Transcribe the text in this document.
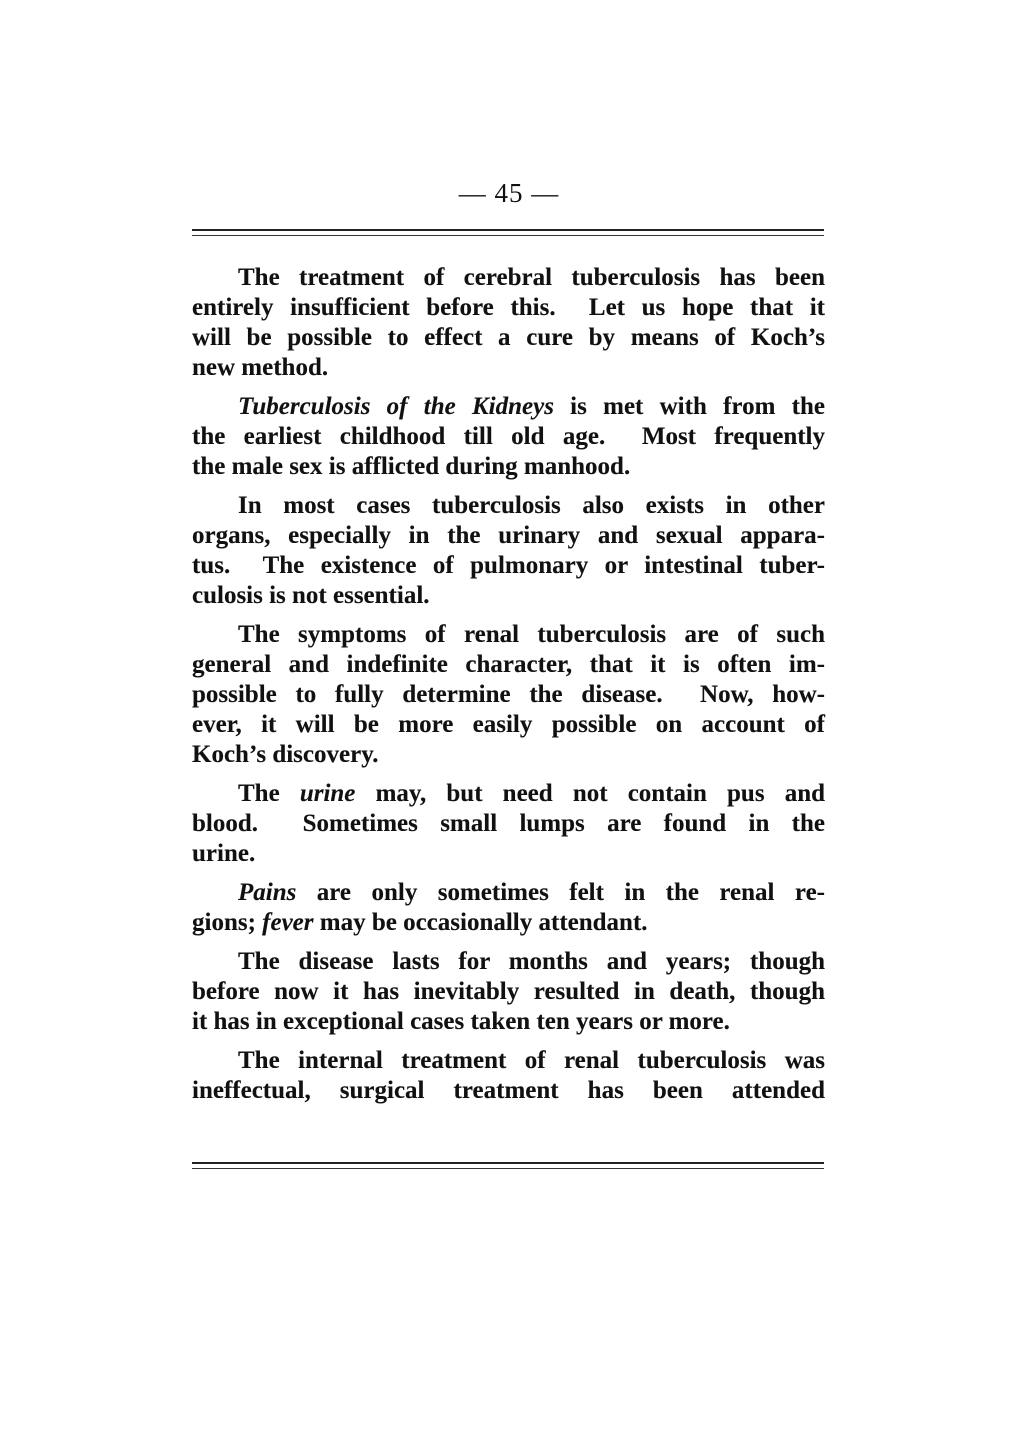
— 45 —
The treatment of cerebral tuberculosis has been
entirely insufficient before this.  Let us hope that it
will be possible to effect a cure by means of Koch’s
new method.
Tuberculosis of the Kidneys is met with from the
the earliest childhood till old age.  Most frequently
the male sex is afflicted during manhood.
In most cases tuberculosis also exists in other
organs, especially in the urinary and sexual appara-
tus.  The existence of pulmonary or intestinal tuber-
culosis is not essential.
The symptoms of renal tuberculosis are of such
general and indefinite character, that it is often im-
possible to fully determine the disease.  Now, how-
ever, it will be more easily possible on account of
Koch’s discovery.
The urine may, but need not contain pus and
blood.  Sometimes small lumps are found in the
urine.
Pains are only sometimes felt in the renal re-
gions; fever may be occasionally attendant.
The disease lasts for months and years; though
before now it has inevitably resulted in death, though
it has in exceptional cases taken ten years or more.
The internal treatment of renal tuberculosis was
ineffectual, surgical treatment has been attended
